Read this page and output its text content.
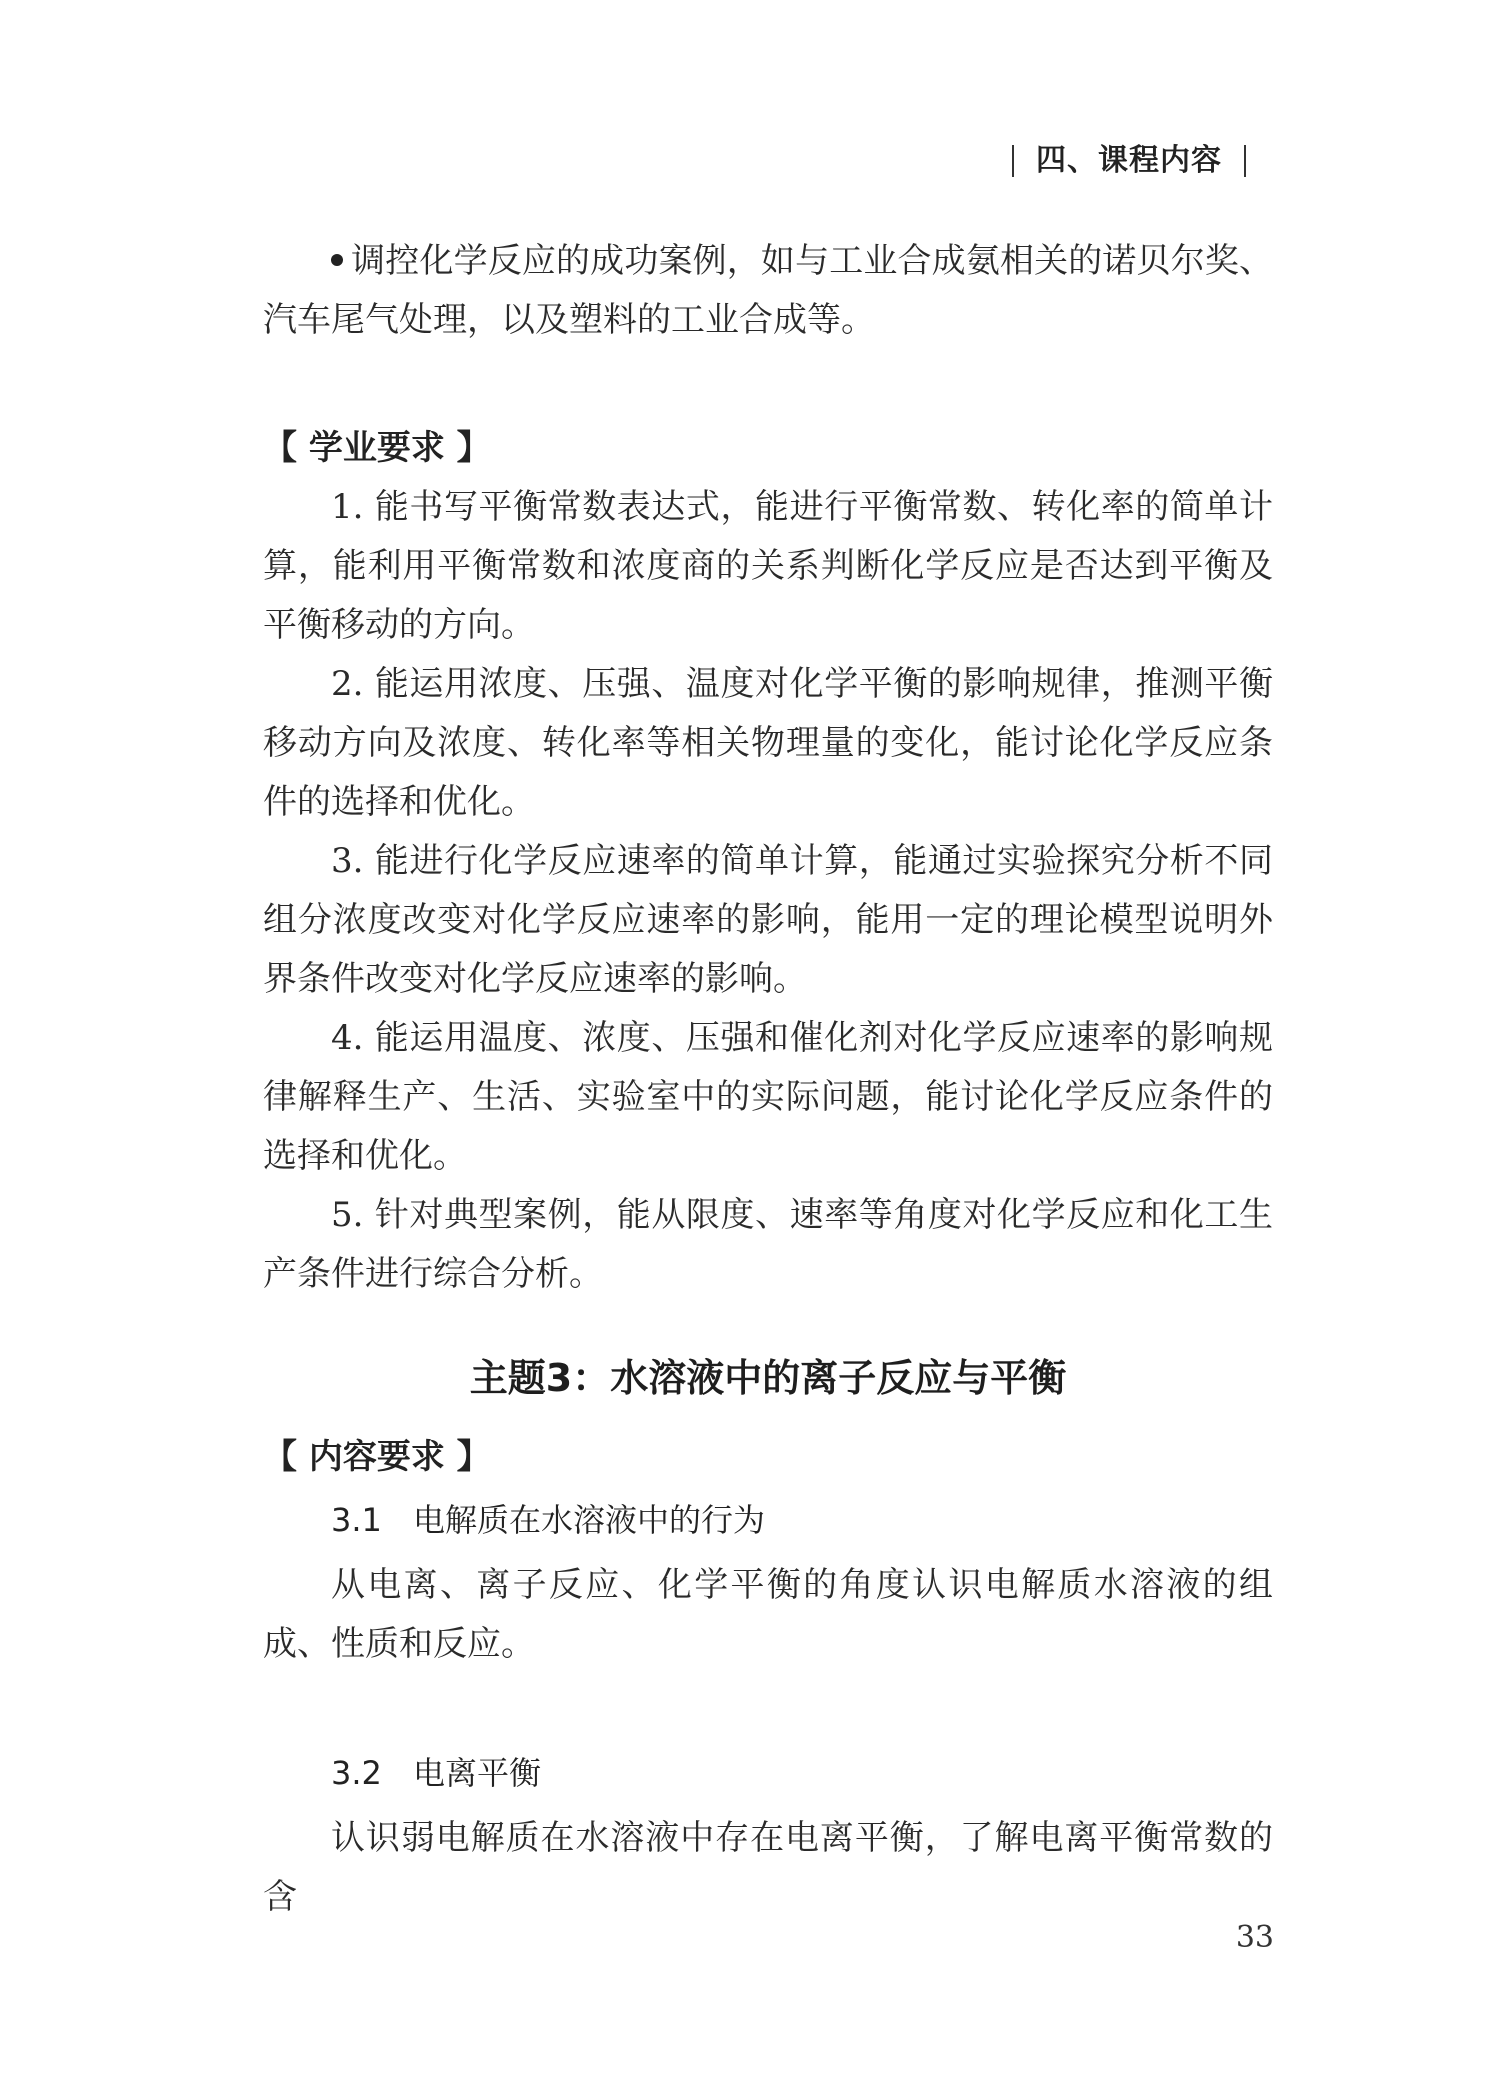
四、课程内容

调控化学反应的成功案例，如与工业合成氨相关的诺贝尔奖、汽车尾气处理，以及塑料的工业合成等。

【 学业要求 】

1. 能书写平衡常数表达式，能进行平衡常数、转化率的简单计算，能利用平衡常数和浓度商的关系判断化学反应是否达到平衡及平衡移动的方向。

2. 能运用浓度、压强、温度对化学平衡的影响规律，推测平衡移动方向及浓度、转化率等相关物理量的变化，能讨论化学反应条件的选择和优化。

3. 能进行化学反应速率的简单计算，能通过实验探究分析不同组分浓度改变对化学反应速率的影响，能用一定的理论模型说明外界条件改变对化学反应速率的影响。

4. 能运用温度、浓度、压强和催化剂对化学反应速率的影响规律解释生产、生活、实验室中的实际问题，能讨论化学反应条件的选择和优化。

5. 针对典型案例，能从限度、速率等角度对化学反应和化工生产条件进行综合分析。

主题3：水溶液中的离子反应与平衡

【 内容要求 】

3.1 电解质在水溶液中的行为

从电离、离子反应、化学平衡的角度认识电解质水溶液的组成、性质和反应。

3.2 电离平衡

认识弱电解质在水溶液中存在电离平衡，了解电离平衡常数的含

33
